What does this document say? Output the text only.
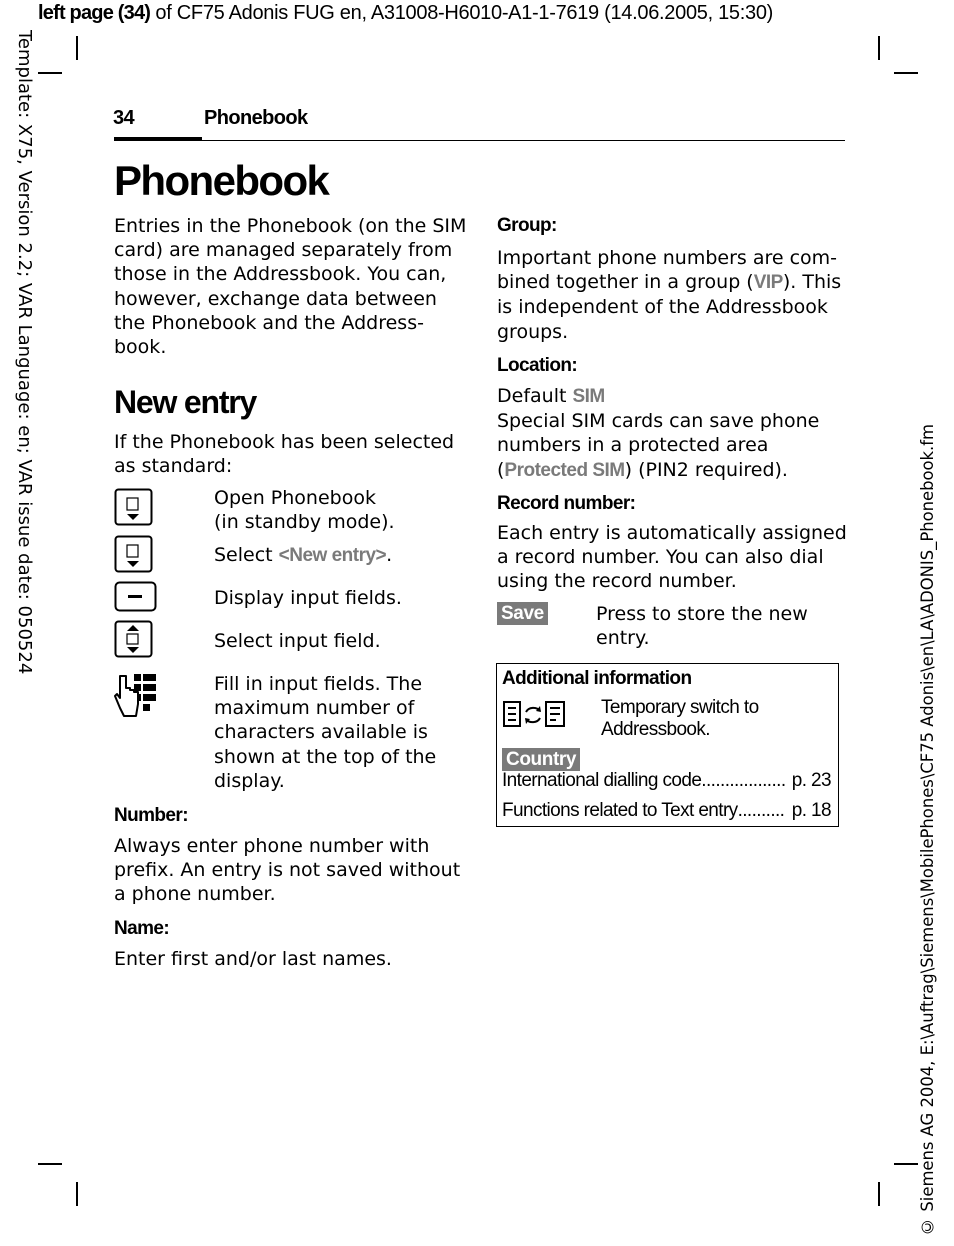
left page (34) of CF75 Adonis FUG en, A31008-H6010-A1-1-7619 (14.06.2005, 15:30)
Template: X75, Version 2.2; VAR Language: en; VAR issue date: 050524
© Siemens AG 2004, E:\Auftrag\Siemens\MobilePhones\CF75 Adonis\en\LA\ADONIS_Phonebook.fm
34	Phonebook
Phonebook
Entries in the Phonebook (on the SIM
card) are managed separately from
those in the Addressbook. You can,
however, exchange data between
the Phonebook and the Address-
book.
New entry
If the Phonebook has been selected
as standard:
Open Phonebook
(in standby mode).
Select <New entry>.
Display input fields.
Select input field.
Fill in input fields. The
maximum number of
characters available is
shown at the top of the
display.
Number:
Always enter phone number with
prefix. An entry is not saved without
a phone number.
Name:
Enter first and/or last names.
Group:
Important phone numbers are com-
bined together in a group (VIP). This
is independent of the Addressbook
groups.
Location:
Default SIM
Special SIM cards can save phone
numbers in a protected area
(Protected SIM) (PIN2 required).
Record number:
Each entry is automatically assigned
a record number. You can also dial
using the record number.
Save	Press to store the new
entry.
Additional information
Temporary switch to
Addressbook.
Country
International dialling code .................. p. 23
Functions related to Text entry .......... p. 18
